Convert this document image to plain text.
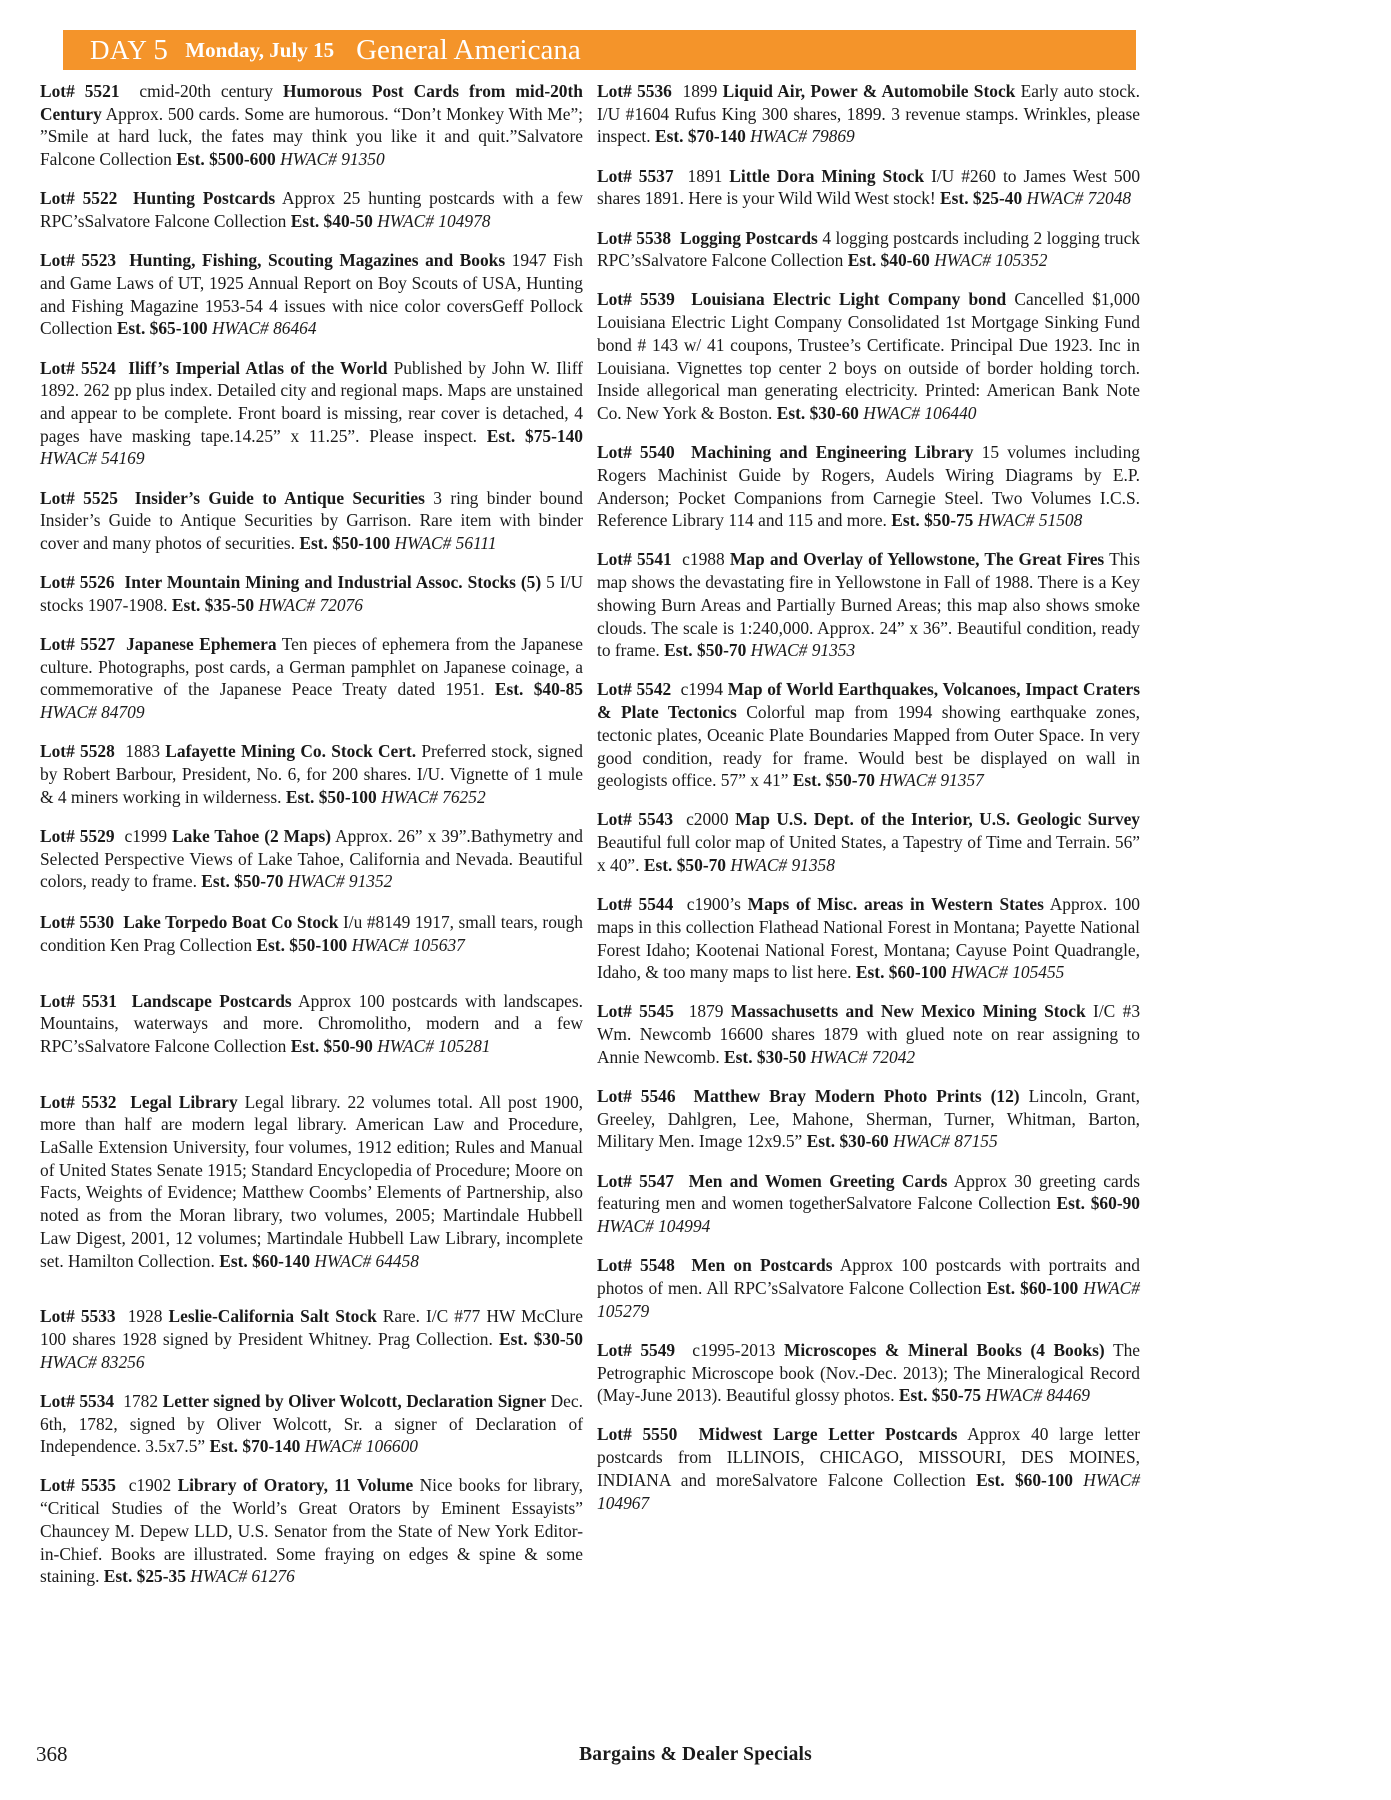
DAY 5 Monday, July 15 General Americana

Lot# 5521 cmid-20th century Humorous Post Cards from mid-20th Century Approx. 500 cards. Some are humorous. “Don’t Monkey With Me”; ”Smile at hard luck, the fates may think you like it and quit.”Salvatore Falcone Collection Est. $500-600 HWAC# 91350

Lot# 5522 Hunting Postcards Approx 25 hunting postcards with a few RPC’sSalvatore Falcone Collection Est. $40-50 HWAC# 104978

Lot# 5523 Hunting, Fishing, Scouting Magazines and Books 1947 Fish and Game Laws of UT, 1925 Annual Report on Boy Scouts of USA, Hunting and Fishing Magazine 1953-54 4 issues with nice color coversGeff Pollock Collection Est. $65-100 HWAC# 86464

Lot# 5524 Iliff’s Imperial Atlas of the World Published by John W. Iliff 1892. 262 pp plus index. Detailed city and regional maps. Maps are unstained and appear to be complete. Front board is missing, rear cover is detached, 4 pages have masking tape.14.25” x 11.25”. Please inspect. Est. $75-140 HWAC# 54169

Lot# 5525 Insider’s Guide to Antique Securities 3 ring binder bound Insider’s Guide to Antique Securities by Garrison. Rare item with binder cover and many photos of securities. Est. $50-100 HWAC# 56111

Lot# 5526 Inter Mountain Mining and Industrial Assoc. Stocks (5) 5 I/U stocks 1907-1908. Est. $35-50 HWAC# 72076

Lot# 5527 Japanese Ephemera Ten pieces of ephemera from the Japanese culture. Photographs, post cards, a German pamphlet on Japanese coinage, a commemorative of the Japanese Peace Treaty dated 1951. Est. $40-85 HWAC# 84709

Lot# 5528 1883 Lafayette Mining Co. Stock Cert. Preferred stock, signed by Robert Barbour, President, No. 6, for 200 shares. I/U. Vignette of 1 mule & 4 miners working in wilderness. Est. $50-100 HWAC# 76252

Lot# 5529 c1999 Lake Tahoe (2 Maps) Approx. 26” x 39”.Bathymetry and Selected Perspective Views of Lake Tahoe, California and Nevada. Beautiful colors, ready to frame. Est. $50-70 HWAC# 91352

Lot# 5530 Lake Torpedo Boat Co Stock I/u #8149 1917, small tears, rough condition Ken Prag Collection Est. $50-100 HWAC# 105637

Lot# 5531 Landscape Postcards Approx 100 postcards with landscapes. Mountains, waterways and more. Chromolitho, modern and a few RPC’sSalvatore Falcone Collection Est. $50-90 HWAC# 105281

Lot# 5532 Legal Library Legal library. 22 volumes total. All post 1900, more than half are modern legal library. American Law and Procedure, LaSalle Extension University, four volumes, 1912 edition; Rules and Manual of United States Senate 1915; Standard Encyclopedia of Procedure; Moore on Facts, Weights of Evidence; Matthew Coombs’ Elements of Partnership, also noted as from the Moran library, two volumes, 2005; Martindale Hubbell Law Digest, 2001, 12 volumes; Martindale Hubbell Law Library, incomplete set. Hamilton Collection. Est. $60-140 HWAC# 64458

Lot# 5533 1928 Leslie-California Salt Stock Rare. I/C #77 HW McClure 100 shares 1928 signed by President Whitney. Prag Collection. Est. $30-50 HWAC# 83256

Lot# 5534 1782 Letter signed by Oliver Wolcott, Declaration Signer Dec. 6th, 1782, signed by Oliver Wolcott, Sr. a signer of Declaration of Independence. 3.5x7.5” Est. $70-140 HWAC# 106600

Lot# 5535 c1902 Library of Oratory, 11 Volume Nice books for library, “Critical Studies of the World’s Great Orators by Eminent Essayists” Chauncey M. Depew LLD, U.S. Senator from the State of New York Editor-in-Chief. Books are illustrated. Some fraying on edges & spine & some staining. Est. $25-35 HWAC# 61276

Lot# 5536 1899 Liquid Air, Power & Automobile Stock Early auto stock. I/U #1604 Rufus King 300 shares, 1899. 3 revenue stamps. Wrinkles, please inspect. Est. $70-140 HWAC# 79869

Lot# 5537 1891 Little Dora Mining Stock I/U #260 to James West 500 shares 1891. Here is your Wild Wild West stock! Est. $25-40 HWAC# 72048

Lot# 5538 Logging Postcards 4 logging postcards including 2 logging truck RPC’sSalvatore Falcone Collection Est. $40-60 HWAC# 105352

Lot# 5539 Louisiana Electric Light Company bond Cancelled $1,000 Louisiana Electric Light Company Consolidated 1st Mortgage Sinking Fund bond # 143 w/ 41 coupons, Trustee’s Certificate. Principal Due 1923. Inc in Louisiana. Vignettes top center 2 boys on outside of border holding torch. Inside allegorical man generating electricity. Printed: American Bank Note Co. New York & Boston. Est. $30-60 HWAC# 106440

Lot# 5540 Machining and Engineering Library 15 volumes including Rogers Machinist Guide by Rogers, Audels Wiring Diagrams by E.P. Anderson; Pocket Companions from Carnegie Steel. Two Volumes I.C.S. Reference Library 114 and 115 and more. Est. $50-75 HWAC# 51508

Lot# 5541 c1988 Map and Overlay of Yellowstone, The Great Fires This map shows the devastating fire in Yellowstone in Fall of 1988. There is a Key showing Burn Areas and Partially Burned Areas; this map also shows smoke clouds. The scale is 1:240,000. Approx. 24” x 36”. Beautiful condition, ready to frame. Est. $50-70 HWAC# 91353

Lot# 5542 c1994 Map of World Earthquakes, Volcanoes, Impact Craters & Plate Tectonics Colorful map from 1994 showing earthquake zones, tectonic plates, Oceanic Plate Boundaries Mapped from Outer Space. In very good condition, ready for frame. Would best be displayed on wall in geologists office. 57” x 41” Est. $50-70 HWAC# 91357

Lot# 5543 c2000 Map U.S. Dept. of the Interior, U.S. Geologic Survey Beautiful full color map of United States, a Tapestry of Time and Terrain. 56” x 40”. Est. $50-70 HWAC# 91358

Lot# 5544 c1900’s Maps of Misc. areas in Western States Approx. 100 maps in this collection Flathead National Forest in Montana; Payette National Forest Idaho; Kootenai National Forest, Montana; Cayuse Point Quadrangle, Idaho, & too many maps to list here. Est. $60-100 HWAC# 105455

Lot# 5545 1879 Massachusetts and New Mexico Mining Stock I/C #3 Wm. Newcomb 16600 shares 1879 with glued note on rear assigning to Annie Newcomb. Est. $30-50 HWAC# 72042

Lot# 5546 Matthew Bray Modern Photo Prints (12) Lincoln, Grant, Greeley, Dahlgren, Lee, Mahone, Sherman, Turner, Whitman, Barton, Military Men. Image 12x9.5” Est. $30-60 HWAC# 87155

Lot# 5547 Men and Women Greeting Cards Approx 30 greeting cards featuring men and women togetherSalvatore Falcone Collection Est. $60-90 HWAC# 104994

Lot# 5548 Men on Postcards Approx 100 postcards with portraits and photos of men. All RPC’sSalvatore Falcone Collection Est. $60-100 HWAC# 105279

Lot# 5549 c1995-2013 Microscopes & Mineral Books (4 Books) The Petrographic Microscope book (Nov.-Dec. 2013); The Mineralogical Record (May-June 2013). Beautiful glossy photos. Est. $50-75 HWAC# 84469

Lot# 5550 Midwest Large Letter Postcards Approx 40 large letter postcards from ILLINOIS, CHICAGO, MISSOURI, DES MOINES, INDIANA and moreSalvatore Falcone Collection Est. $60-100 HWAC# 104967

368	Bargains & Dealer Specials
